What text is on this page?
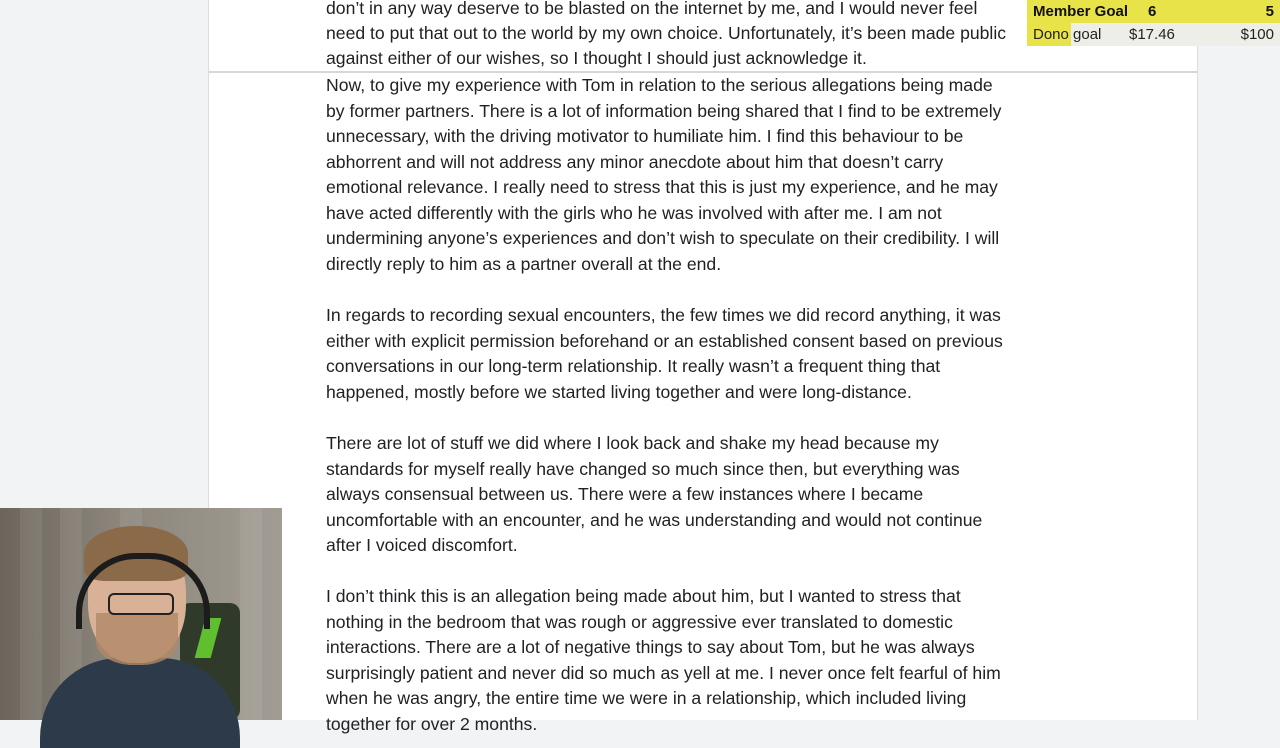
don’t in any way deserve to be blasted on the internet by me, and I would never feel

need to put that out to the world by my own choice. Unfortunately, it’s been made public

against either of our wishes, so I thought I should just acknowledge it.

Now, to give my experience with Tom in relation to the serious allegations being made

by former partners. There is a lot of information being shared that I find to be extremely

unnecessary, with the driving motivator to humiliate him. I find this behaviour to be

abhorrent and will not address any minor anecdote about him that doesn’t carry

emotional relevance. I really need to stress that this is just my experience, and he may

have acted differently with the girls who he was involved with after me. I am not

undermining anyone’s experiences and don’t wish to speculate on their credibility. I will

directly reply to him as a partner overall at the end.

In regards to recording sexual encounters, the few times we did record anything, it was

either with explicit permission beforehand or an established consent based on previous

conversations in our long-term relationship. It really wasn’t a frequent thing that

happened, mostly before we started living together and were long-distance.

There are lot of stuff we did where I look back and shake my head because my

standards for myself really have changed so much since then, but everything was

always consensual between us. There were a few instances where I became

uncomfortable with an encounter, and he was understanding and would not continue

after I voiced discomfort.

I don’t think this is an allegation being made about him, but I wanted to stress that

nothing in the bedroom that was rough or aggressive ever translated to domestic

interactions. There are a lot of negative things to say about Tom, but he was always

surprisingly patient and never did so much as yell at me. I never once felt fearful of him

when he was angry, the entire time we were in a relationship, which included living

together for over 2 months.

Member Goal 6	5
Dono goal $17.46	$100
